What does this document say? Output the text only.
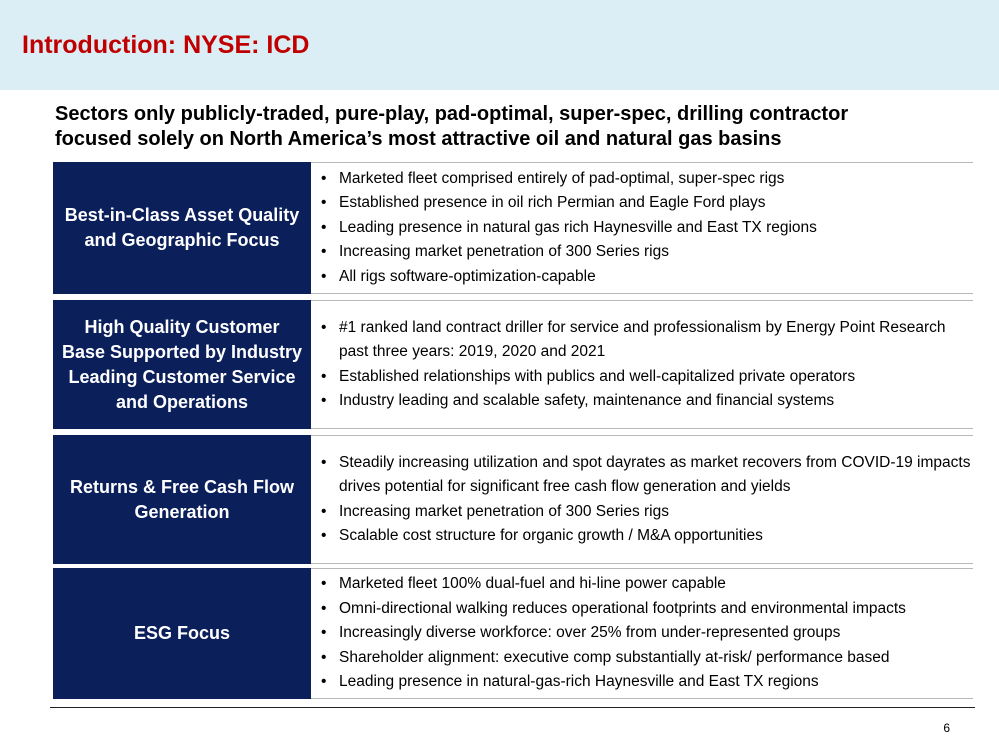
Introduction: NYSE: ICD
Sectors only publicly-traded, pure-play, pad-optimal, super-spec, drilling contractor
focused solely on North America’s most attractive oil and natural gas basins
Best-in-Class Asset Quality and Geographic Focus
• Marketed fleet comprised entirely of pad-optimal, super-spec rigs
• Established presence in oil rich Permian and Eagle Ford plays
• Leading presence in natural gas rich Haynesville and East TX regions
• Increasing market penetration of 300 Series rigs
• All rigs software-optimization-capable
High Quality Customer Base Supported by Industry Leading Customer Service and Operations
• #1 ranked land contract driller for service and professionalism by Energy Point Research past three years: 2019, 2020 and 2021
• Established relationships with publics and well-capitalized private operators
• Industry leading and scalable safety, maintenance and financial systems
Returns & Free Cash Flow Generation
• Steadily increasing utilization and spot dayrates as market recovers from COVID-19 impacts drives potential for significant free cash flow generation and yields
• Increasing market penetration of 300 Series rigs
• Scalable cost structure for organic growth / M&A opportunities
ESG Focus
• Marketed fleet 100% dual-fuel and hi-line power capable
• Omni-directional walking reduces operational footprints and environmental impacts
• Increasingly diverse workforce: over 25% from under-represented groups
• Shareholder alignment: executive comp substantially at-risk/ performance based
• Leading presence in natural-gas-rich Haynesville and East TX regions
6
